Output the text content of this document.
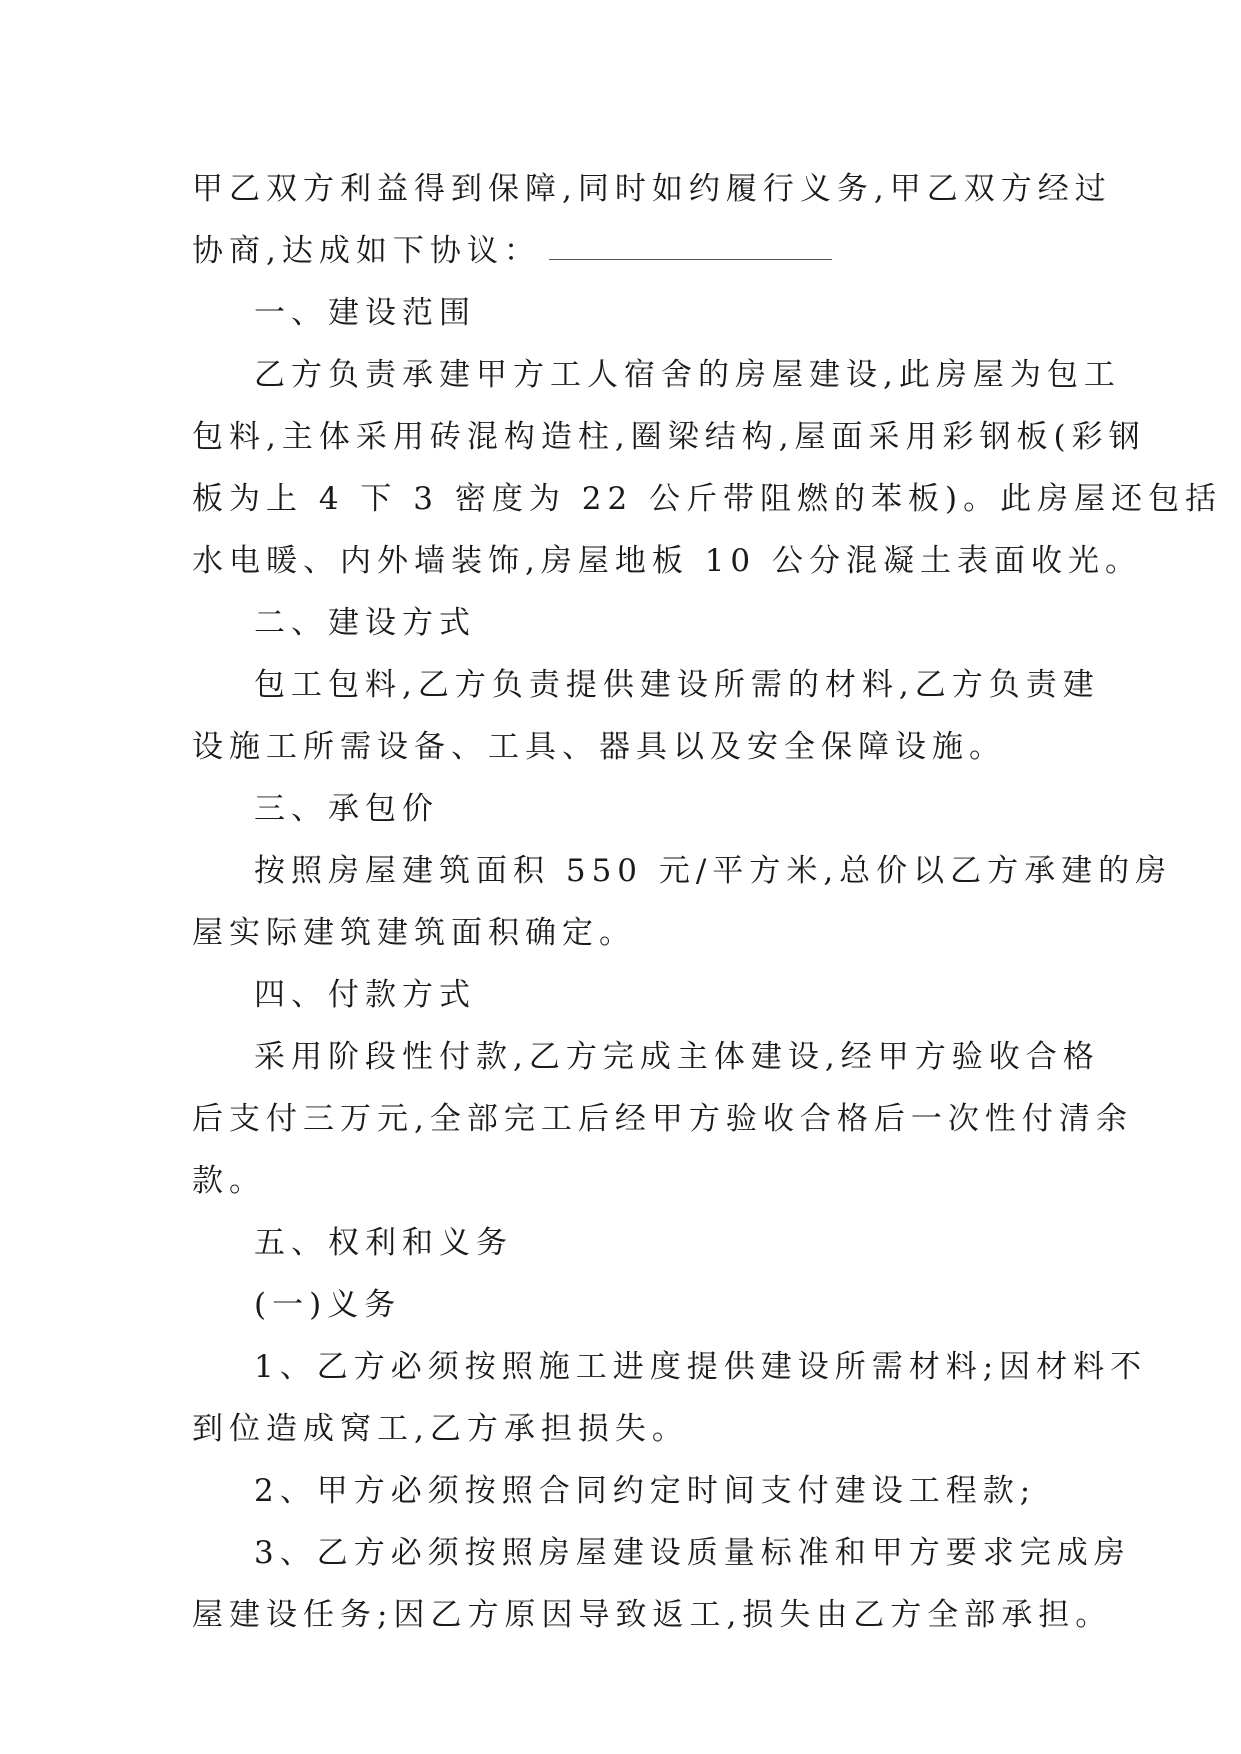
甲乙双方利益得到保障,同时如约履行义务,甲乙双方经过

协商,达成如下协议：

一、建设范围

乙方负责承建甲方工人宿舍的房屋建设,此房屋为包工

包料,主体采用砖混构造柱,圈梁结构,屋面采用彩钢板(彩钢

板为上 4 下 3 密度为 22 公斤带阻燃的苯板)。此房屋还包括

水电暖、内外墙装饰,房屋地板 10 公分混凝土表面收光。

二、建设方式

包工包料,乙方负责提供建设所需的材料,乙方负责建

设施工所需设备、工具、器具以及安全保障设施。

三、承包价

按照房屋建筑面积 550 元/平方米,总价以乙方承建的房

屋实际建筑建筑面积确定。

四、付款方式

采用阶段性付款,乙方完成主体建设,经甲方验收合格

后支付三万元,全部完工后经甲方验收合格后一次性付清余

款。

五、权利和义务

(一)义务

1、乙方必须按照施工进度提供建设所需材料;因材料不

到位造成窝工,乙方承担损失。

2、甲方必须按照合同约定时间支付建设工程款;

3、乙方必须按照房屋建设质量标准和甲方要求完成房

屋建设任务;因乙方原因导致返工,损失由乙方全部承担。
